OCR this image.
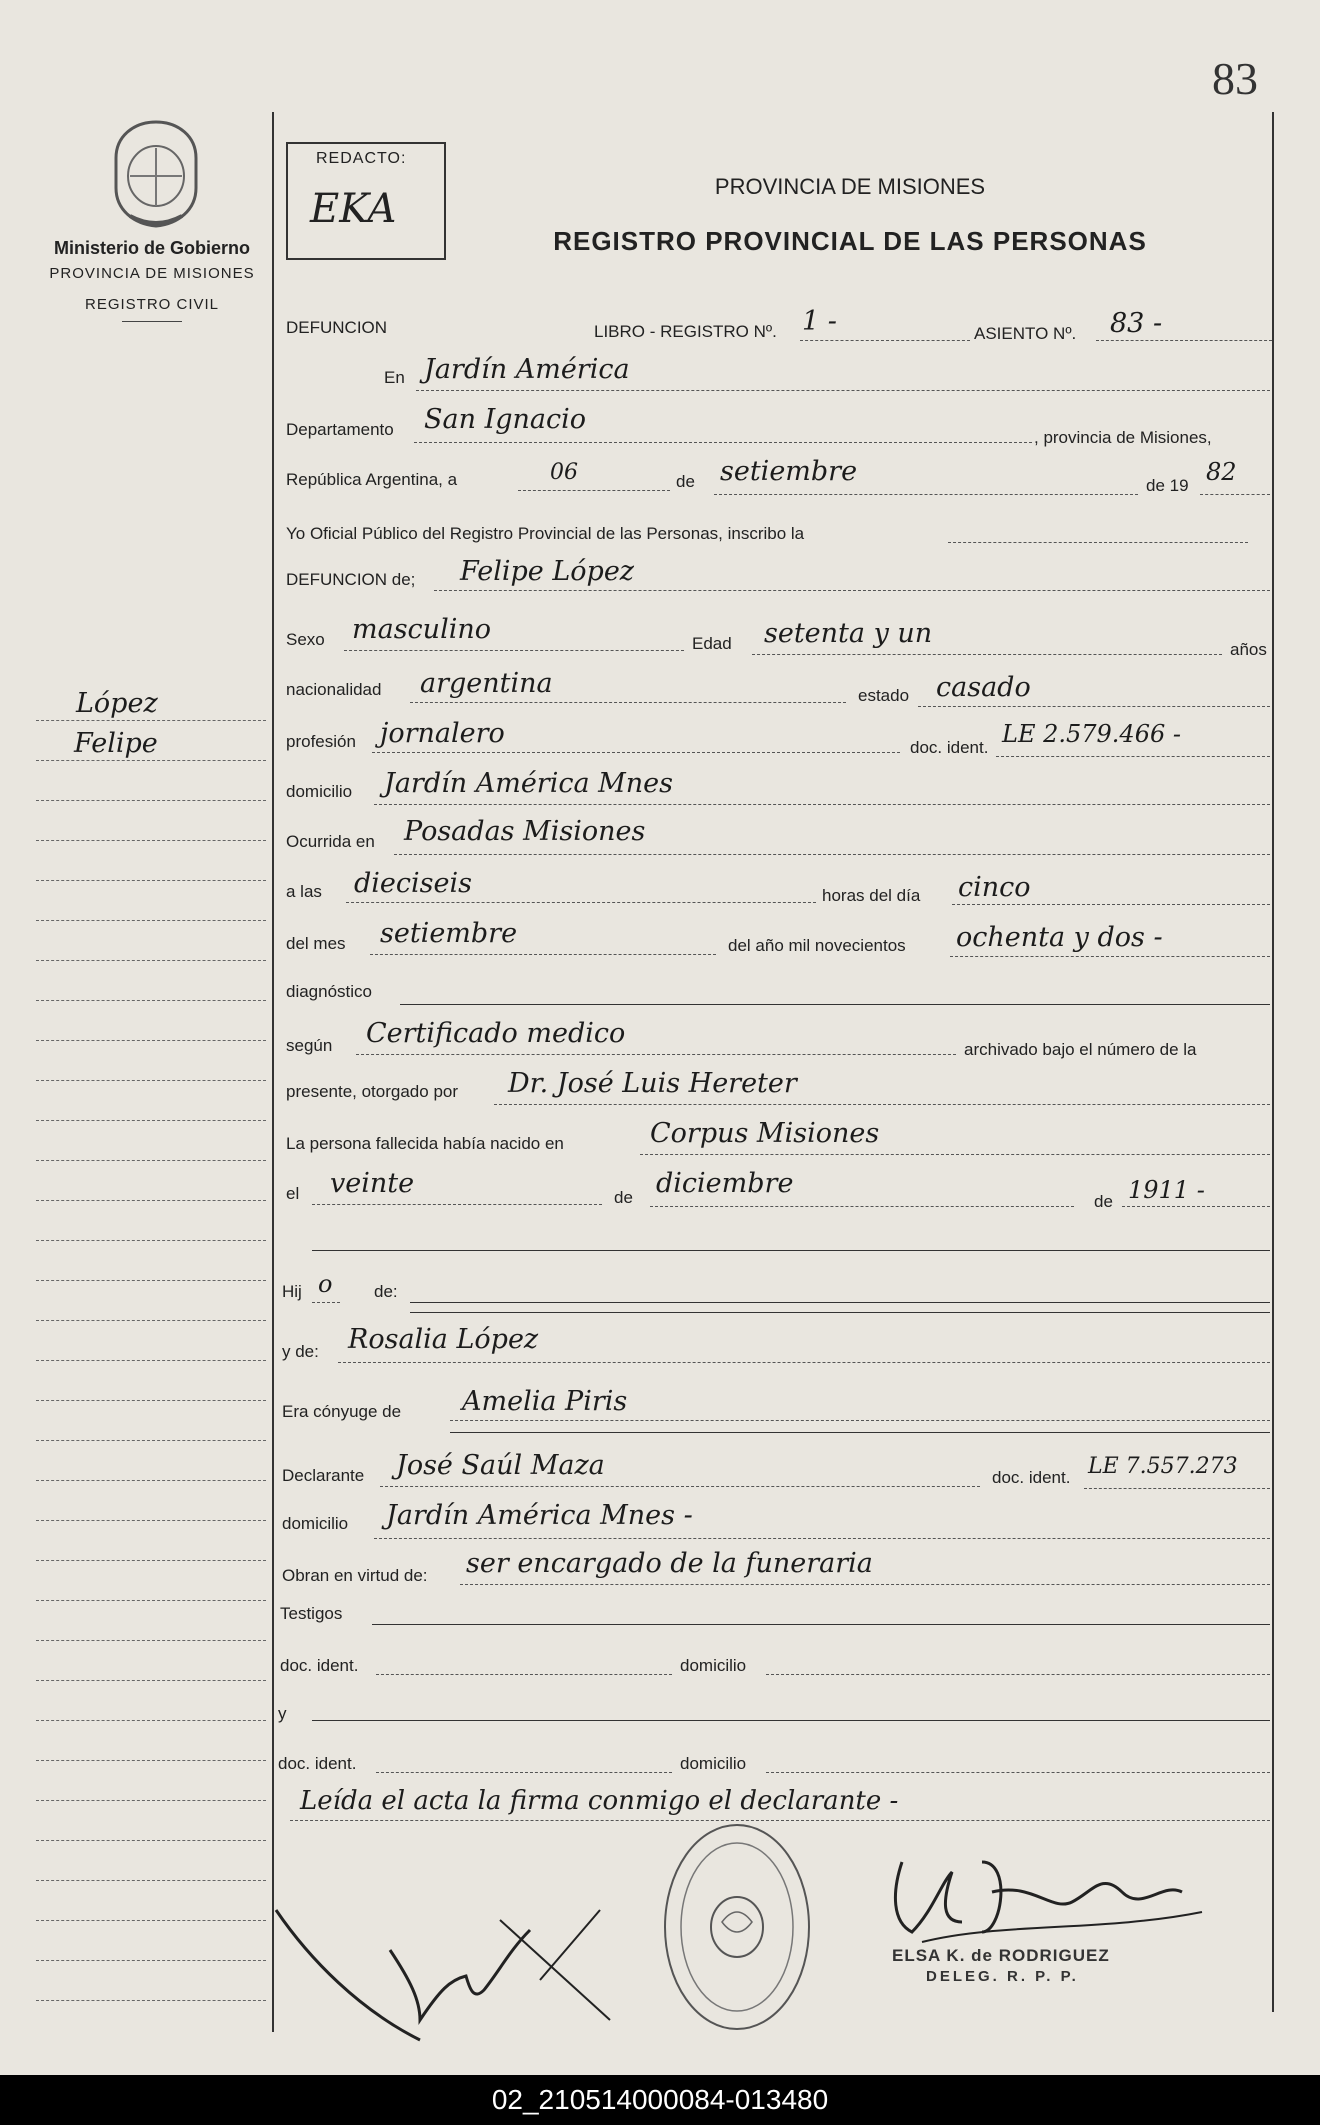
83
Ministerio de Gobierno
PROVINCIA DE MISIONES
REGISTRO CIVIL
López
Felipe
REDACTO:
EKA	PROVINCIA DE MISIONES
REGISTRO PROVINCIAL DE LAS PERSONAS
DEFUNCION	LIBRO - REGISTRO Nº. 1 -	ASIENTO Nº. 83 -
En Jardín América
Departamento San Ignacio
, provincia de Misiones,
República Argentina, a	06	de setiembre	de 19 82
Yo Oficial Público del Registro Provincial de las Personas, inscribo la
DEFUNCION de; Felipe López
Sexo masculino	Edad setenta y un
años
nacionalidad argentina	estado casado
profesión jornalero	doc. ident. LE 2.579.466 -
domicilio Jardín América Mnes
Ocurrida en Posadas Misiones
a las dieciseis	horas del día cinco
del mes setiembre	del año mil novecientos ochenta y dos -
diagnóstico
según Certificado medico
archivado bajo el número de la
presente, otorgado por Dr. José Luis Hereter
La persona fallecida había nacido en	Corpus Misiones
el veinte	de diciembre
de 1911 -
Hij o de:
y de: Rosalia López
Era cónyuge de Amelia Piris
Declarante José Saúl Maza	doc. ident. LE 7.557.273
domicilio Jardín América Mnes -
Obran en virtud de: ser encargado de la funeraria
Testigos
doc. ident.	domicilio
y
doc. ident.	domicilio
Leída el acta la firma conmigo el declarante -
ELSA K. de RODRIGUEZ
DELEG. R. P. P.
02_210514000084-013480
